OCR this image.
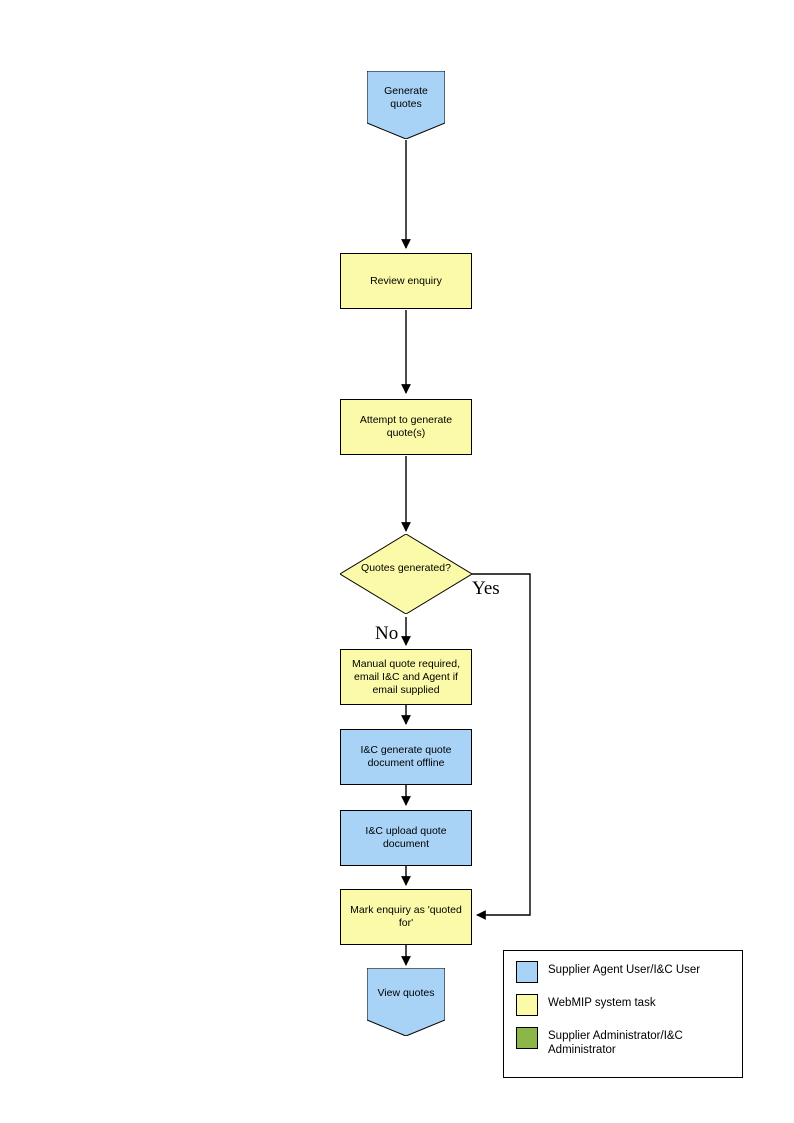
Generate quotes
Review enquiry
Attempt to generate quote(s)
Quotes generated?
Yes
No
Manual quote required, email I&C and Agent if email supplied
I&C generate quote document offline
I&C upload quote document
Mark enquiry as 'quoted for'
View quotes
Supplier Agent User/I&C User
WebMIP system task
Supplier Administrator/I&C Administrator
